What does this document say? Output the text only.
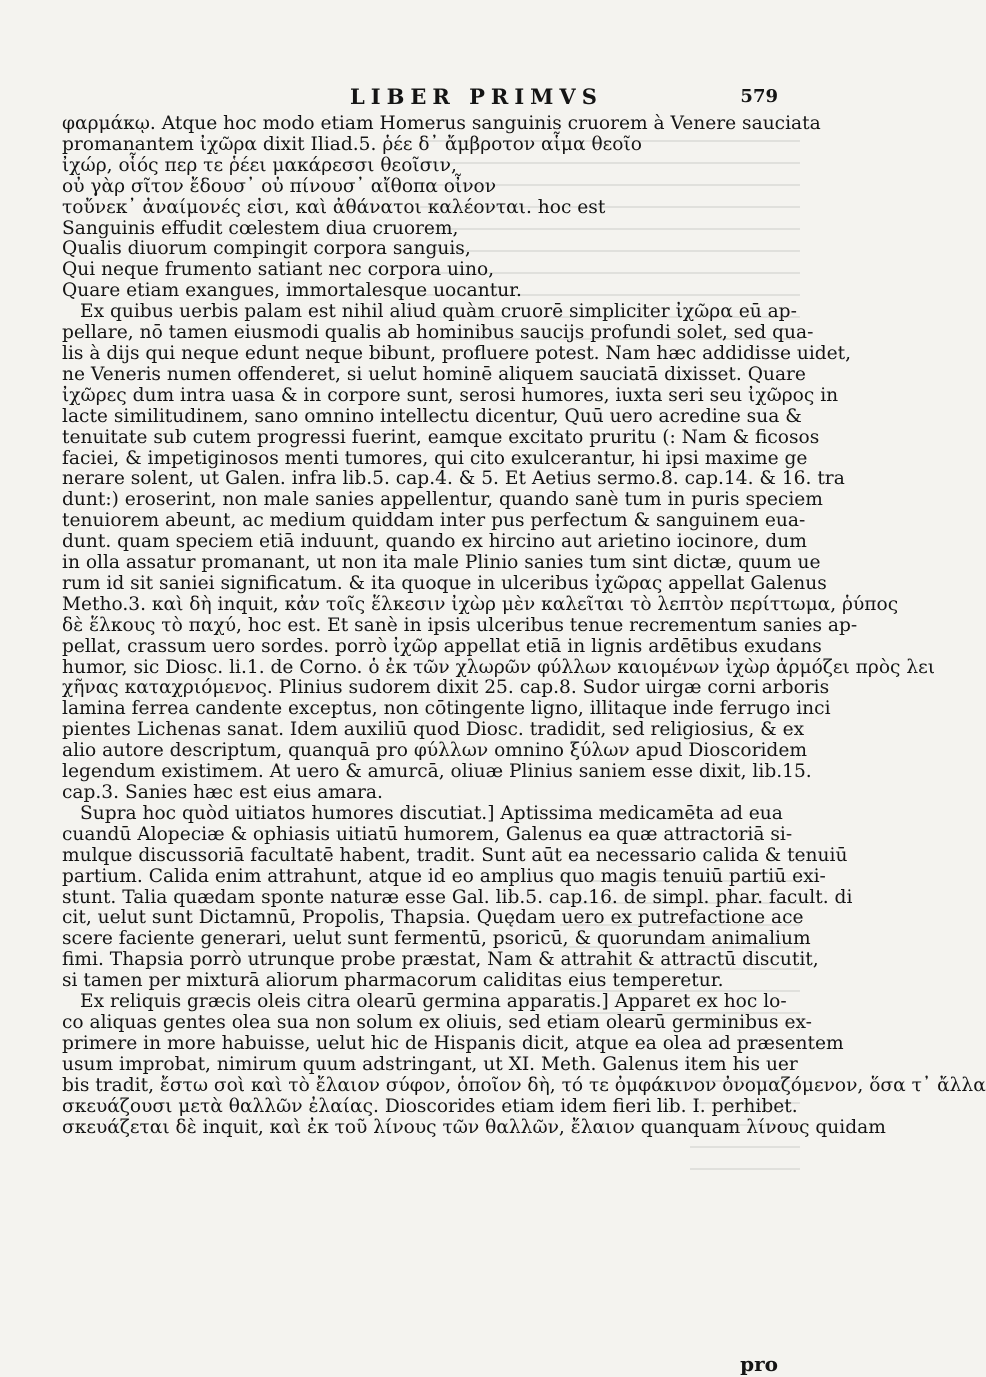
LIBER PRIMVS	579
φαρμάκῳ. Atque hoc modo etiam Homerus sanguinis cruorem à Venere sauciata
promanantem ἰχῶρα dixit Iliad.5. ῥέε δ᾽ ἄμβροτον αἷμα θεοῖο
ἰχώρ, οἷός περ τε ῥέει μακάρεσσι θεοῖσιν,
οὐ γὰρ σῖτον ἔδουσ᾽ οὐ πίνουσ᾽ αἴθοπα οἶνον
τοὔνεκ᾽ ἀναίμονές εἰσι, καὶ ἀθάνατοι καλέονται. hoc est
Sanguinis effudit cœlestem diua cruorem,
Qualis diuorum compingit corpora sanguis,
Qui neque frumento satiant nec corpora uino,
Quare etiam exangues, immortalesque uocantur.
Ex quibus uerbis palam est nihil aliud quàm cruorē simpliciter ἰχῶρα eū ap-
pellare, nō tamen eiusmodi qualis ab hominibus saucijs profundi solet, sed qua-
lis à dijs qui neque edunt neque bibunt, profluere potest. Nam hæc addidisse uidet,
ne Veneris numen offenderet, si uelut hominē aliquem sauciatā dixisset. Quare
ἰχῶρες dum intra uasa & in corpore sunt, serosi humores, iuxta seri seu ἰχῶρος in
lacte similitudinem, sano omnino intellectu dicentur, Quū uero acredine sua &
tenuitate sub cutem progressi fuerint, eamque excitato pruritu (: Nam & ficosos
faciei, & impetiginosos menti tumores, qui cito exulcerantur, hi ipsi maxime ge
nerare solent, ut Galen. infra lib.5. cap.4. & 5. Et Aetius sermo.8. cap.14. & 16. tra
dunt:) eroserint, non male sanies appellentur, quando sanè tum in puris speciem
tenuiorem abeunt, ac medium quiddam inter pus perfectum & sanguinem eua-
dunt. quam speciem etiā induunt, quando ex hircino aut arietino iocinore, dum
in olla assatur promanant, ut non ita male Plinio sanies tum sint dictæ, quum ue
rum id sit saniei significatum. & ita quoque in ulceribus ἰχῶρας appellat Galenus
Metho.3. καὶ δὴ inquit, κἀν τοῖς ἕλκεσιν ἰχὼρ μὲν καλεῖται τὸ λεπτὸν περίττωμα, ῥύπος
δὲ ἕλκους τὸ παχύ, hoc est. Et sanè in ipsis ulceribus tenue recrementum sanies ap-
pellat, crassum uero sordes. porrò ἰχῶρ appellat etiā in lignis ardētibus exudans
humor, sic Diosc. li.1. de Corno. ὁ ἐκ τῶν χλωρῶν φύλλων καιομένων ἰχὼρ ἁρμόζει πρὸς λει
χῆνας καταχριόμενος. Plinius sudorem dixit 25. cap.8. Sudor uirgæ corni arboris
lamina ferrea candente exceptus, non cōtingente ligno, illitaque inde ferrugo inci
pientes Lichenas sanat. Idem auxiliū quod Diosc. tradidit, sed religiosius, & ex
alio autore descriptum, quanquā pro φύλλων omnino ξύλων apud Dioscoridem
legendum existimem. At uero & amurcā, oliuæ Plinius saniem esse dixit, lib.15.
cap.3. Sanies hæc est eius amara.
Supra hoc quòd uitiatos humores discutiat.] Aptissima medicamēta ad eua
cuandū Alopeciæ & ophiasis uitiatū humorem, Galenus ea quæ attractoriā si-
mulque discussoriā facultatē habent, tradit. Sunt aūt ea necessario calida & tenuiū
partium. Calida enim attrahunt, atque id eo amplius quo magis tenuiū partiū exi-
stunt. Talia quædam sponte naturæ esse Gal. lib.5. cap.16. de simpl. phar. facult. di
cit, uelut sunt Dictamnū, Propolis, Thapsia. Quędam uero ex putrefactione ace
scere faciente generari, uelut sunt fermentū, psoricū, & quorundam animalium
fimi. Thapsia porrò utrunque probe præstat, Nam & attrahit & attractū discutit,
si tamen per mixturā aliorum pharmacorum caliditas eius temperetur.
Ex reliquis græcis oleis citra olearū germina apparatis.] Apparet ex hoc lo-
co aliquas gentes olea sua non solum ex oliuis, sed etiam olearū germinibus ex-
primere in more habuisse, uelut hic de Hispanis dicit, atque ea olea ad præsentem
usum improbat, nimirum quum adstringant, ut XI. Meth. Galenus item his uer
bis tradit, ἔστω σοὶ καὶ τὸ ἔλαιον σύφον, ὁποῖον δὴ, τό τε ὀμφάκινον ὀνομαζόμενον, ὅσα τ᾽ ἄλλα
σκευάζουσι μετὰ θαλλῶν ἐλαίας. Dioscorides etiam idem fieri lib. I. perhibet.
σκευάζεται δὲ inquit, καὶ ἐκ τοῦ λίνους τῶν θαλλῶν, ἔλαιον quanquam λίνους quidam
pro
